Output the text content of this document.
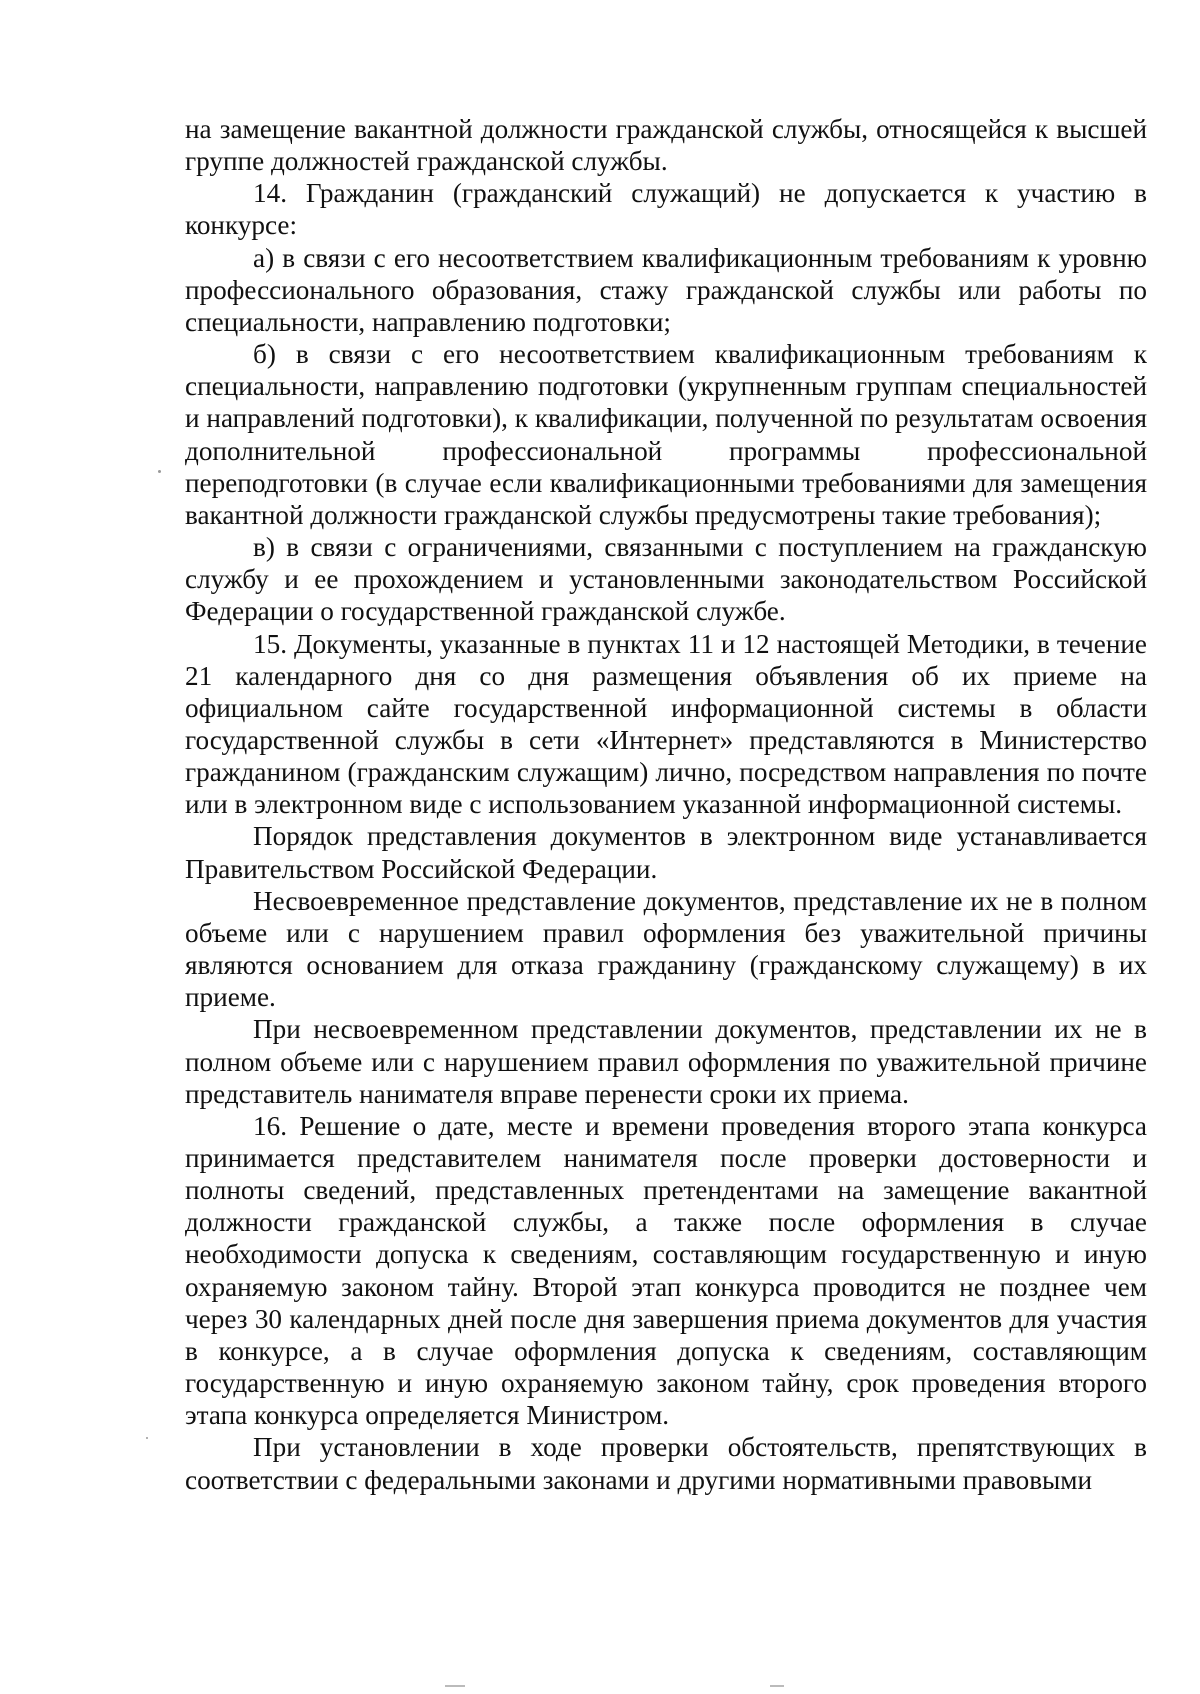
на замещение вакантной должности гражданской службы, относящейся к высшей группе должностей гражданской службы.

14. Гражданин (гражданский служащий) не допускается к участию в конкурсе:

а) в связи с его несоответствием квалификационным требованиям к уровню профессионального образования, стажу гражданской службы или работы по специальности, направлению подготовки;

б) в связи с его несоответствием квалификационным требованиям к специальности, направлению подготовки (укрупненным группам специальностей и направлений подготовки), к квалификации, полученной по результатам освоения дополнительной профессиональной программы профессиональной переподготовки (в случае если квалификационными требованиями для замещения вакантной должности гражданской службы предусмотрены такие требования);

в) в связи с ограничениями, связанными с поступлением на гражданскую службу и ее прохождением и установленными законодательством Российской Федерации о государственной гражданской службе.

15. Документы, указанные в пунктах 11 и 12 настоящей Методики, в течение 21 календарного дня со дня размещения объявления об их приеме на официальном сайте государственной информационной системы в области государственной службы в сети «Интернет» представляются в Министерство гражданином (гражданским служащим) лично, посредством направления по почте или в электронном виде с использованием указанной информационной системы.

Порядок представления документов в электронном виде устанавливается Правительством Российской Федерации.

Несвоевременное представление документов, представление их не в полном объеме или с нарушением правил оформления без уважительной причины являются основанием для отказа гражданину (гражданскому служащему) в их приеме.

При несвоевременном представлении документов, представлении их не в полном объеме или с нарушением правил оформления по уважительной причине представитель нанимателя вправе перенести сроки их приема.

16. Решение о дате, месте и времени проведения второго этапа конкурса принимается представителем нанимателя после проверки достоверности и полноты сведений, представленных претендентами на замещение вакантной должности гражданской службы, а также после оформления в случае необходимости допуска к сведениям, составляющим государственную и иную охраняемую законом тайну. Второй этап конкурса проводится не позднее чем через 30 календарных дней после дня завершения приема документов для участия в конкурсе, а в случае оформления допуска к сведениям, составляющим государственную и иную охраняемую законом тайну, срок проведения второго этапа конкурса определяется Министром.

При установлении в ходе проверки обстоятельств, препятствующих в соответствии с федеральными законами и другими нормативными правовыми
